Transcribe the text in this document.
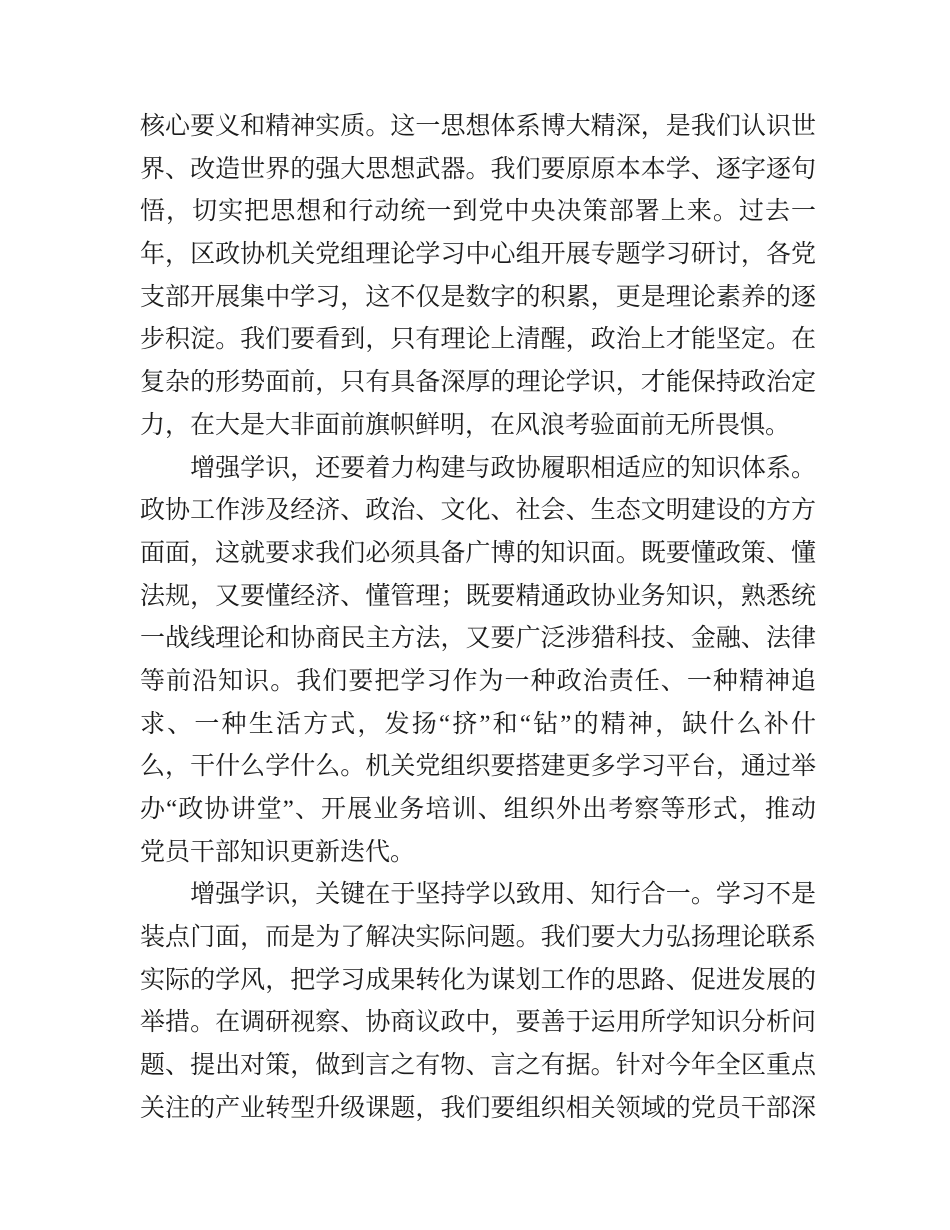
核心要义和精神实质。这一思想体系博大精深，是我们认识世
界、改造世界的强大思想武器。我们要原原本本学、逐字逐句
悟，切实把思想和行动统一到党中央决策部署上来。过去一
年，区政协机关党组理论学习中心组开展专题学习研讨，各党
支部开展集中学习，这不仅是数字的积累，更是理论素养的逐
步积淀。我们要看到，只有理论上清醒，政治上才能坚定。在
复杂的形势面前，只有具备深厚的理论学识，才能保持政治定
力，在大是大非面前旗帜鲜明，在风浪考验面前无所畏惧。
　　增强学识，还要着力构建与政协履职相适应的知识体系。
政协工作涉及经济、政治、文化、社会、生态文明建设的方方
面面，这就要求我们必须具备广博的知识面。既要懂政策、懂
法规，又要懂经济、懂管理；既要精通政协业务知识，熟悉统
一战线理论和协商民主方法，又要广泛涉猎科技、金融、法律
等前沿知识。我们要把学习作为一种政治责任、一种精神追
求、一种生活方式，发扬“挤”和“钻”的精神，缺什么补什
么，干什么学什么。机关党组织要搭建更多学习平台，通过举
办“政协讲堂”、开展业务培训、组织外出考察等形式，推动
党员干部知识更新迭代。
　　增强学识，关键在于坚持学以致用、知行合一。学习不是
装点门面，而是为了解决实际问题。我们要大力弘扬理论联系
实际的学风，把学习成果转化为谋划工作的思路、促进发展的
举措。在调研视察、协商议政中，要善于运用所学知识分析问
题、提出对策，做到言之有物、言之有据。针对今年全区重点
关注的产业转型升级课题，我们要组织相关领域的党员干部深
